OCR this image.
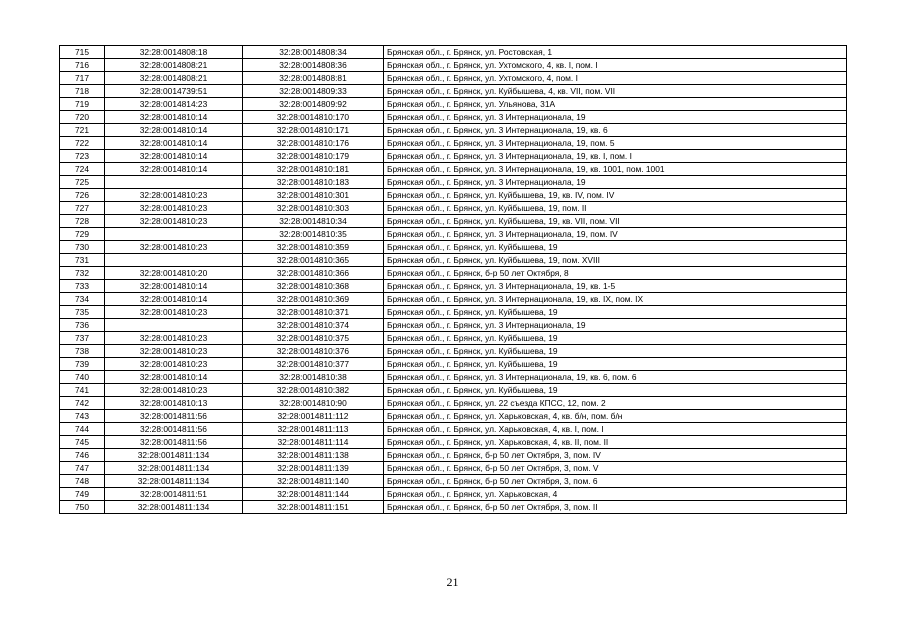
715	32:28:0014808:18	32:28:0014808:34	Брянская обл., г. Брянск, ул. Ростовская, 1
716	32:28:0014808:21	32:28:0014808:36	Брянская обл., г. Брянск, ул. Ухтомского, 4, кв. I, пом. I
717	32:28:0014808:21	32:28:0014808:81	Брянская обл., г. Брянск, ул. Ухтомского, 4, пом. I
718	32:28:0014739:51	32:28:0014809:33	Брянская обл., г. Брянск, ул. Куйбышева, 4, кв. VII, пом. VII
719	32:28:0014814:23	32:28:0014809:92	Брянская обл., г. Брянск, ул. Ульянова, 31А
720	32:28:0014810:14	32:28:0014810:170	Брянская обл., г. Брянск, ул. 3 Интернационала, 19
721	32:28:0014810:14	32:28:0014810:171	Брянская обл., г. Брянск, ул. 3 Интернационала, 19, кв. 6
722	32:28:0014810:14	32:28:0014810:176	Брянская обл., г. Брянск, ул. 3 Интернационала, 19, пом. 5
723	32:28:0014810:14	32:28:0014810:179	Брянская обл., г. Брянск, ул. 3 Интернационала, 19, кв. I, пом. I
724	32:28:0014810:14	32:28:0014810:181	Брянская обл., г. Брянск, ул. 3 Интернационала, 19, кв. 1001, пом. 1001
725		32:28:0014810:183	Брянская обл., г. Брянск, ул. 3 Интернационала, 19
726	32:28:0014810:23	32:28:0014810:301	Брянская обл., г. Брянск, ул. Куйбышева, 19, кв. IV, пом. IV
727	32:28:0014810:23	32:28:0014810:303	Брянская обл., г. Брянск, ул. Куйбышева, 19, пом. II
728	32:28:0014810:23	32:28:0014810:34	Брянская обл., г. Брянск, ул. Куйбышева, 19, кв. VII, пом. VII
729		32:28:0014810:35	Брянская обл., г. Брянск, ул. 3 Интернационала, 19, пом. IV
730	32:28:0014810:23	32:28:0014810:359	Брянская обл., г. Брянск, ул. Куйбышева, 19
731		32:28:0014810:365	Брянская обл., г. Брянск, ул. Куйбышева, 19, пом. XVIII
732	32:28:0014810:20	32:28:0014810:366	Брянская обл., г. Брянск, б-р 50 лет Октября, 8
733	32:28:0014810:14	32:28:0014810:368	Брянская обл., г. Брянск, ул. 3 Интернационала, 19, кв. 1-5
734	32:28:0014810:14	32:28:0014810:369	Брянская обл., г. Брянск, ул. 3 Интернационала, 19, кв. IX, пом. IX
735	32:28:0014810:23	32:28:0014810:371	Брянская обл., г. Брянск, ул. Куйбышева, 19
736		32:28:0014810:374	Брянская обл., г. Брянск, ул. 3 Интернационала, 19
737	32:28:0014810:23	32:28:0014810:375	Брянская обл., г. Брянск, ул. Куйбышева, 19
738	32:28:0014810:23	32:28:0014810:376	Брянская обл., г. Брянск, ул. Куйбышева, 19
739	32:28:0014810:23	32:28:0014810:377	Брянская обл., г. Брянск, ул. Куйбышева, 19
740	32:28:0014810:14	32:28:0014810:38	Брянская обл., г. Брянск, ул. 3 Интернационала, 19, кв. 6, пом. 6
741	32:28:0014810:23	32:28:0014810:382	Брянская обл., г. Брянск, ул. Куйбышева, 19
742	32:28:0014810:13	32:28:0014810:90	Брянская обл., г. Брянск, ул. 22 съезда КПСС, 12, пом. 2
743	32:28:0014811:56	32:28:0014811:112	Брянская обл., г. Брянск, ул. Харьковская, 4, кв. б/н, пом. б/н
744	32:28:0014811:56	32:28:0014811:113	Брянская обл., г. Брянск, ул. Харьковская, 4, кв. I, пом. I
745	32:28:0014811:56	32:28:0014811:114	Брянская обл., г. Брянск, ул. Харьковская, 4, кв. II, пом. II
746	32:28:0014811:134	32:28:0014811:138	Брянская обл., г. Брянск, б-р 50 лет Октября, 3, пом. IV
747	32:28:0014811:134	32:28:0014811:139	Брянская обл., г. Брянск, б-р 50 лет Октября, 3, пом. V
748	32:28:0014811:134	32:28:0014811:140	Брянская обл., г. Брянск, б-р 50 лет Октября, 3, пом. 6
749	32:28:0014811:51	32:28:0014811:144	Брянская обл., г. Брянск, ул. Харьковская, 4
750	32:28:0014811:134	32:28:0014811:151	Брянская обл., г. Брянск, б-р 50 лет Октября, 3, пом. II
21
